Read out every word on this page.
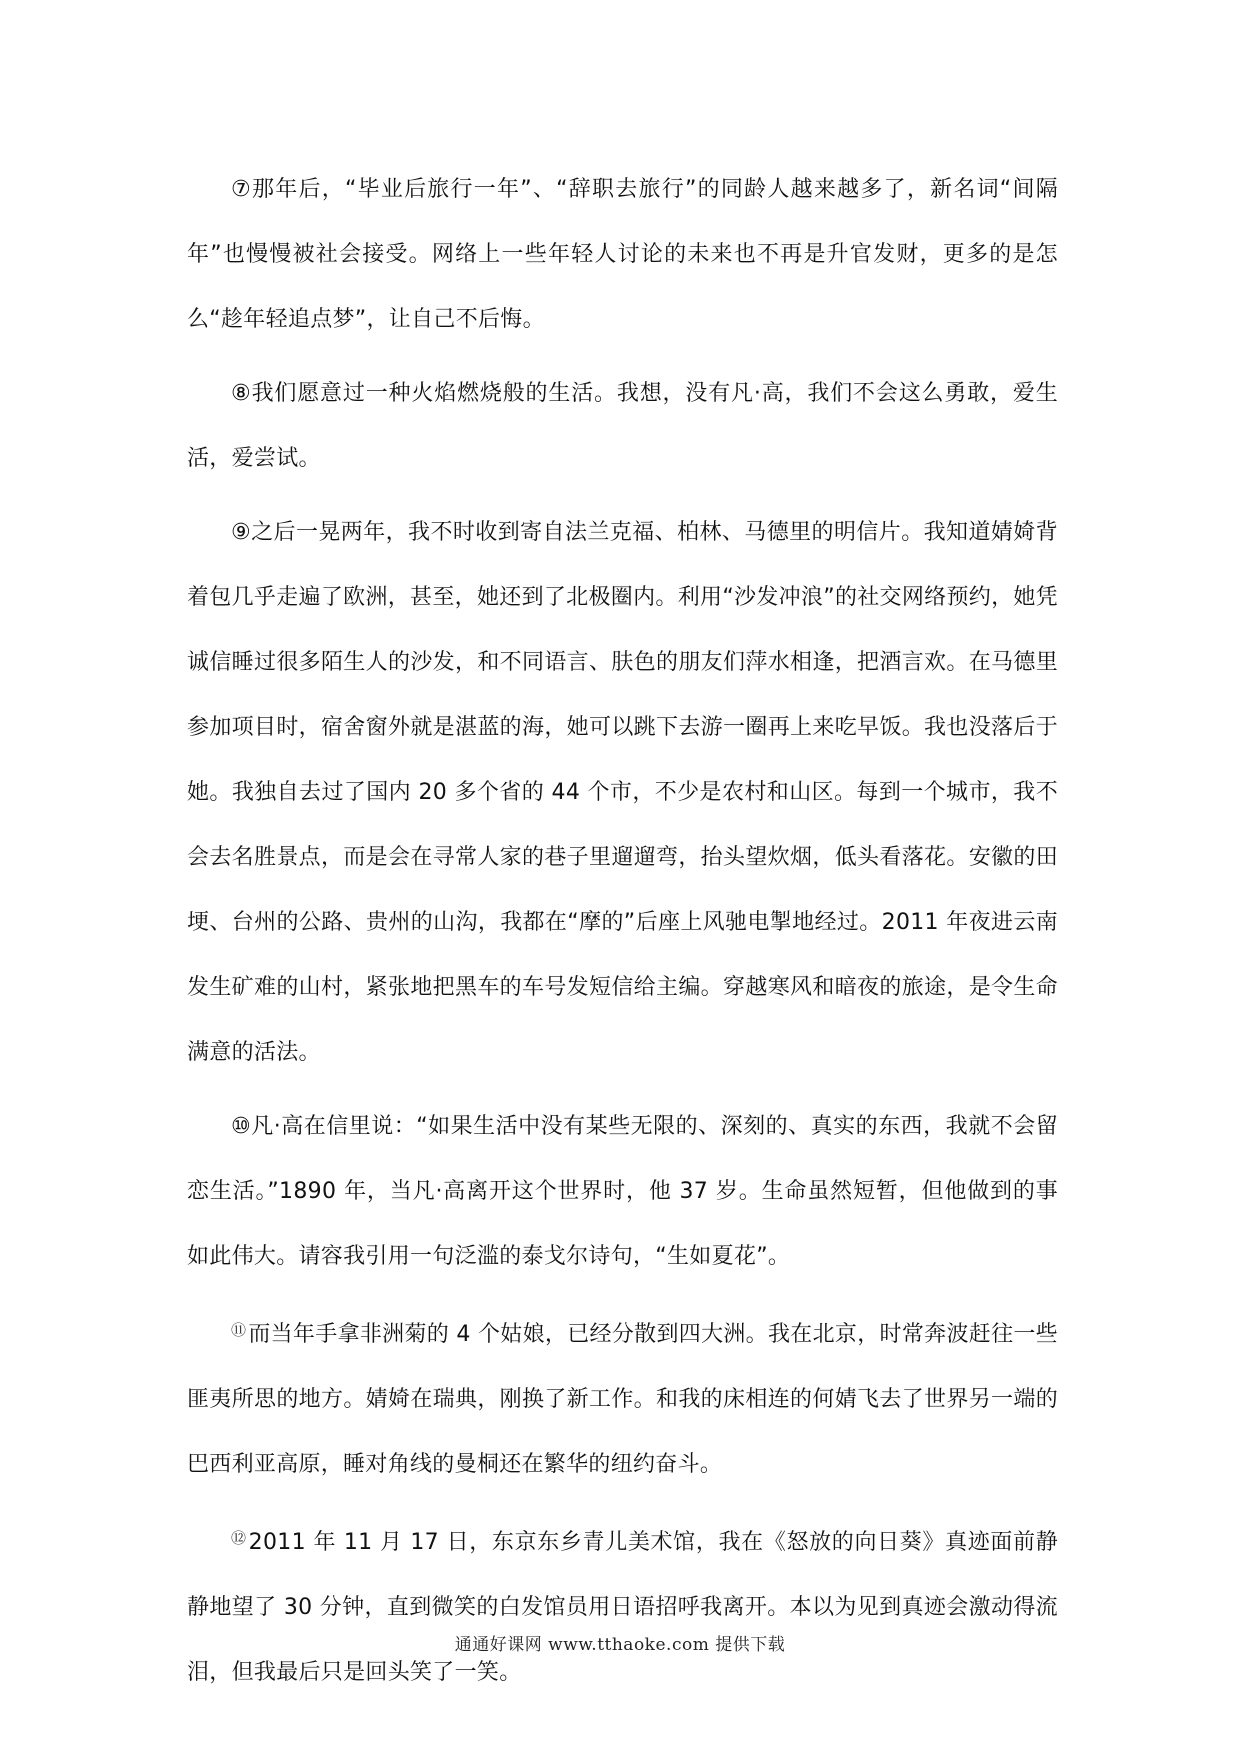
⑦那年后，“毕业后旅行一年”、“辞职去旅行”的同龄人越来越多了，新名词“间隔年”也慢慢被社会接受。网络上一些年轻人讨论的未来也不再是升官发财，更多的是怎么“趁年轻追点梦”，让自己不后悔。

⑧我们愿意过一种火焰燃烧般的生活。我想，没有凡·高，我们不会这么勇敢，爱生活，爱尝试。

⑨之后一晃两年，我不时收到寄自法兰克福、柏林、马德里的明信片。我知道婧婍背着包几乎走遍了欧洲，甚至，她还到了北极圈内。利用“沙发冲浪”的社交网络预约，她凭诚信睡过很多陌生人的沙发，和不同语言、肤色的朋友们萍水相逢，把酒言欢。在马德里参加项目时，宿舍窗外就是湛蓝的海，她可以跳下去游一圈再上来吃早饭。我也没落后于她。我独自去过了国内 20 多个省的 44 个市，不少是农村和山区。每到一个城市，我不会去名胜景点，而是会在寻常人家的巷子里遛遛弯，抬头望炊烟，低头看落花。安徽的田埂、台州的公路、贵州的山沟，我都在“摩的”后座上风驰电掣地经过。2011 年夜进云南发生矿难的山村，紧张地把黑车的车号发短信给主编。穿越寒风和暗夜的旅途，是令生命满意的活法。

⑩凡·高在信里说：“如果生活中没有某些无限的、深刻的、真实的东西，我就不会留恋生活。”1890 年，当凡·高离开这个世界时，他 37 岁。生命虽然短暂，但他做到的事如此伟大。请容我引用一句泛滥的泰戈尔诗句，“生如夏花”。

⑪而当年手拿非洲菊的 4 个姑娘，已经分散到四大洲。我在北京，时常奔波赶往一些匪夷所思的地方。婧婍在瑞典，刚换了新工作。和我的床相连的何婧飞去了世界另一端的巴西利亚高原，睡对角线的曼桐还在繁华的纽约奋斗。

⑫2011 年 11 月 17 日，东京东乡青儿美术馆，我在《怒放的向日葵》真迹面前静静地望了 30 分钟，直到微笑的白发馆员用日语招呼我离开。本以为见到真迹会激动得流泪，但我最后只是回头笑了一笑。

通通好课网 www.tthaoke.com 提供下载
